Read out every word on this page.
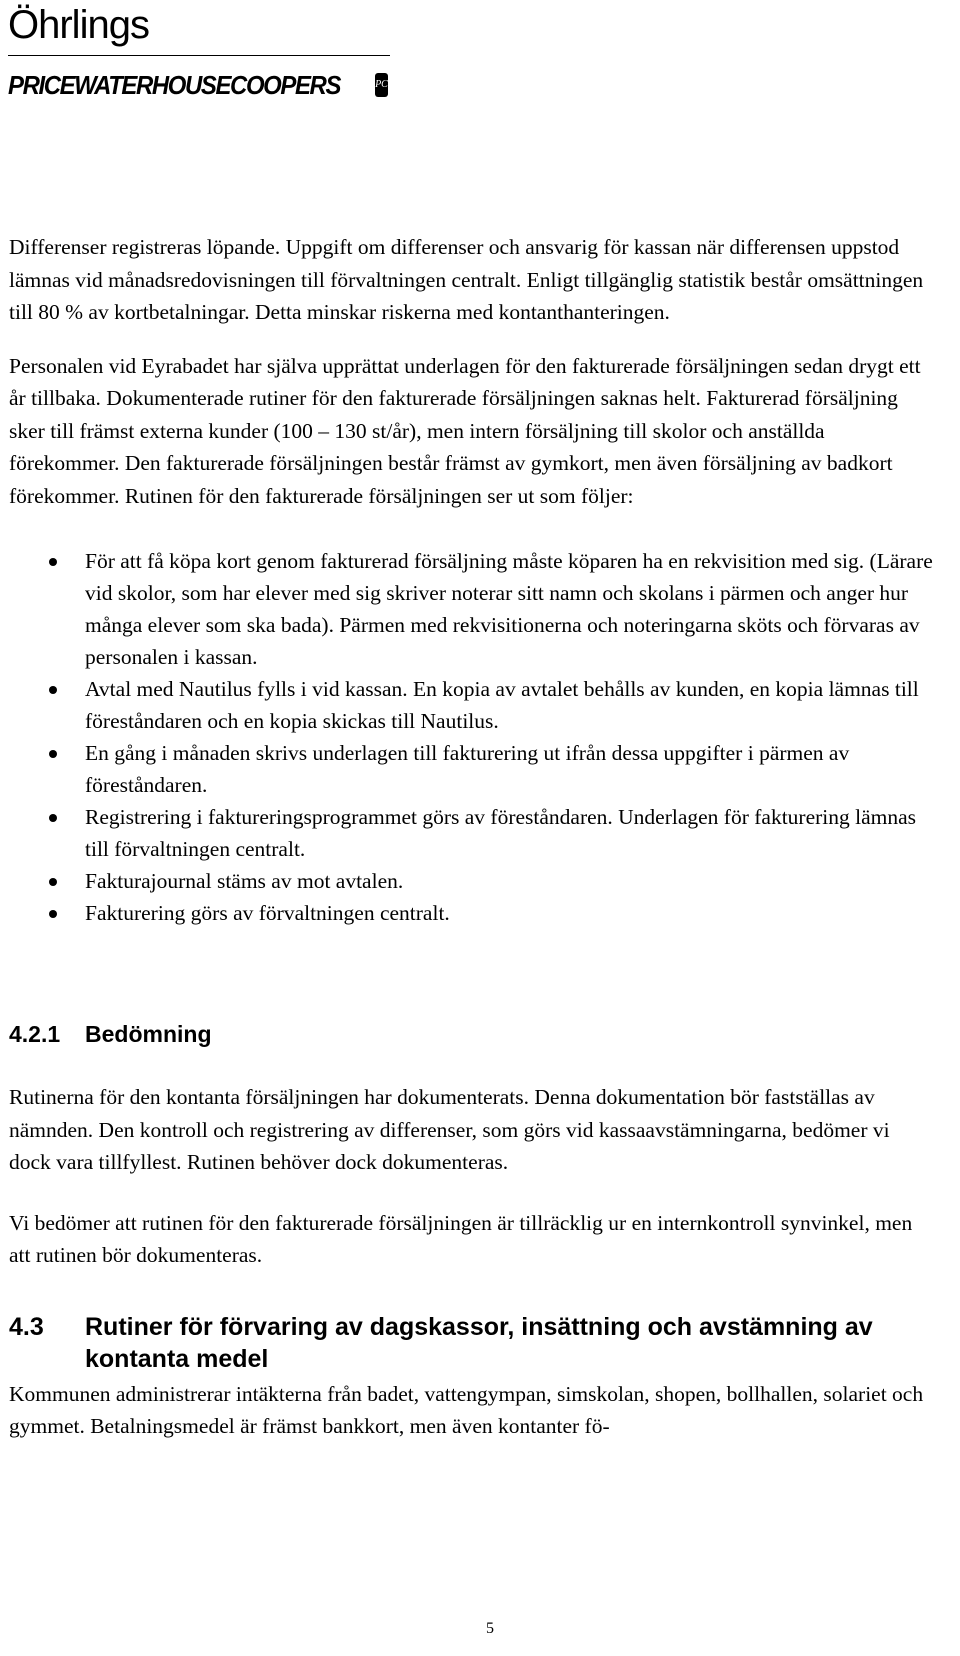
Öhrlings
PRICEWATERHOUSECOOPERS	PC

Differenser registreras löpande. Uppgift om differenser och ansvarig för kassan när differensen uppstod lämnas vid månadsredovisningen till förvaltningen centralt. Enligt tillgänglig statistik består omsättningen till 80 % av kortbetalningar. Detta minskar riskerna med kontanthanteringen.

Personalen vid Eyrabadet har själva upprättat underlagen för den fakturerade försäljningen sedan drygt ett år tillbaka. Dokumenterade rutiner för den fakturerade försäljningen saknas helt. Fakturerad försäljning sker till främst externa kunder (100 – 130 st/år), men intern försäljning till skolor och anställda förekommer. Den fakturerade försäljningen består främst av gymkort, men även försäljning av badkort förekommer. Rutinen för den fakturerade försäljningen ser ut som följer:

För att få köpa kort genom fakturerad försäljning måste köparen ha en rekvisition med sig. (Lärare vid skolor, som har elever med sig skriver noterar sitt namn och skolans i pärmen och anger hur många elever som ska bada). Pärmen med rekvisitionerna och noteringarna sköts och förvaras av personalen i kassan.
Avtal med Nautilus fylls i vid kassan. En kopia av avtalet behålls av kunden, en kopia lämnas till föreståndaren och en kopia skickas till Nautilus.
En gång i månaden skrivs underlagen till fakturering ut ifrån dessa uppgifter i pärmen av föreståndaren.
Registrering i faktureringsprogrammet görs av föreståndaren. Underlagen för fakturering lämnas till förvaltningen centralt.
Fakturajournal stäms av mot avtalen.
Fakturering görs av förvaltningen centralt.
4.2.1	Bedömning

Rutinerna för den kontanta försäljningen har dokumenterats. Denna dokumentation bör fastställas av nämnden. Den kontroll och registrering av differenser, som görs vid kassaavstämningarna, bedömer vi dock vara tillfyllest. Rutinen behöver dock dokumenteras.

Vi bedömer att rutinen för den fakturerade försäljningen är tillräcklig ur en internkontroll synvinkel, men att rutinen bör dokumenteras.

4.3	Rutiner för förvaring av dagskassor, insättning och avstämning av kontanta medel

Kommunen administrerar intäkterna från badet, vattengympan, simskolan, shopen, bollhallen, solariet och gymmet. Betalningsmedel är främst bankkort, men även kontanter fö-

5
